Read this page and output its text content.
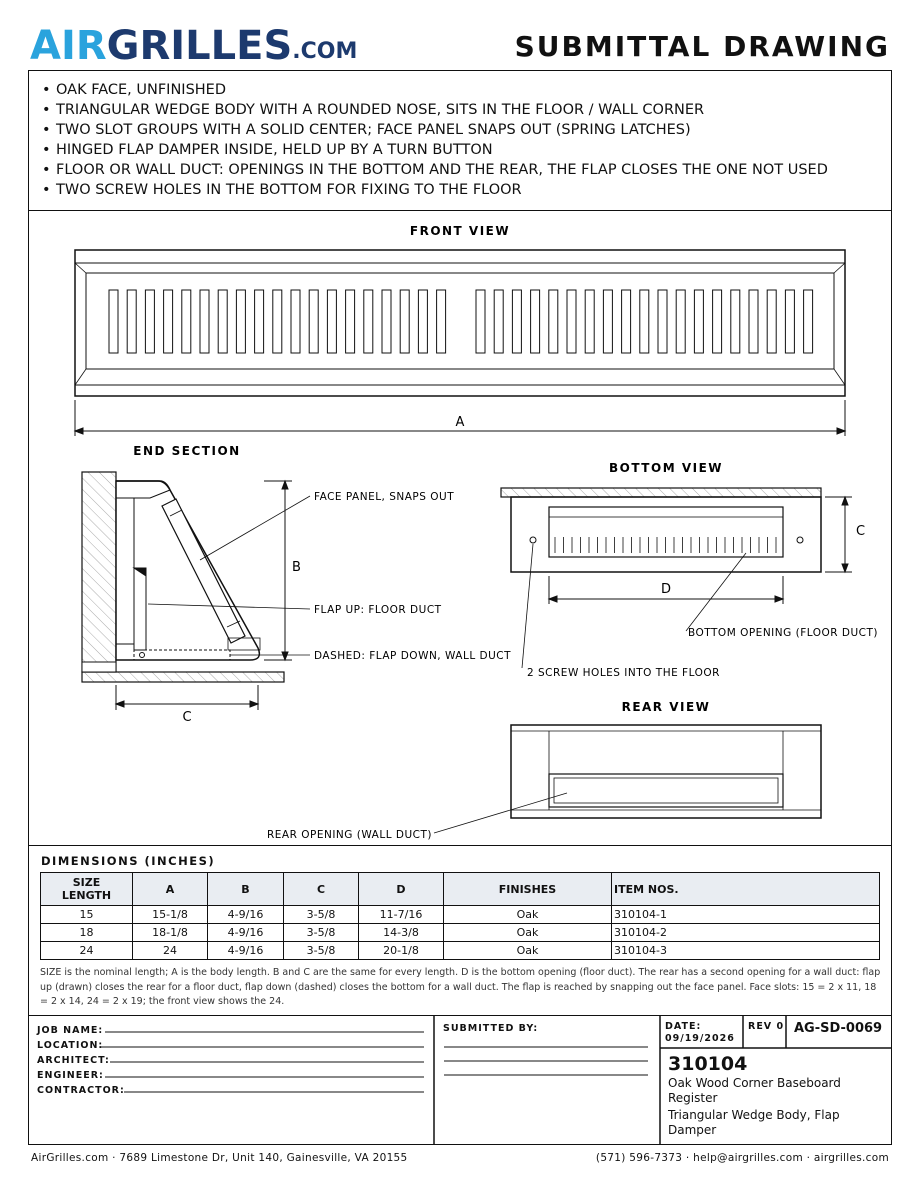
AIR GRILL ES .COM	SUBMITTAL DRAWING
• OAK FACE, UNFINISHED
• TRIANGULAR WEDGE BODY WITH A ROUNDED NOSE, SITS IN THE FLOOR / WALL CORNER
• TWO SLOT GROUPS WITH A SOLID CENTER; FACE PANEL SNAPS OUT (SPRING LATCHES)
• HINGED FLAP DAMPER INSIDE, HELD UP BY A TURN BUTTON
• FLOOR OR WALL DUCT: OPENINGS IN THE BOTTOM AND THE REAR, THE FLAP CLOSES THE ONE NOT USED
• TWO SCREW HOLES IN THE BOTTOM FOR FIXING TO THE FLOOR
FRONT VIEW
A
END SECTION
B
C
FACE PANEL, SNAPS OUT
FLAP UP: FLOOR DUCT
DASHED: FLAP DOWN, WALL DUCT
BOTTOM VIEW
C
D
BOTTOM OPENING (FLOOR DUCT)
2 SCREW HOLES INTO THE FLOOR
REAR VIEW
REAR OPENING (WALL DUCT)
DIMENSIONS (INCHES)
SIZE LENGTH	A	B	C	D	FINISHES	ITEM NOS.
15	15-1/8	4-9/16	3-5/8	11-7/16	Oak	310104-1
18	18-1/8	4-9/16	3-5/8	14-3/8	Oak	310104-2
24	24	4-9/16	3-5/8	20-1/8	Oak	310104-3
SIZE is the nominal length; A is the body length. B and C are the same for every length. D is the bottom opening (floor duct). The rear has a second opening for a wall duct: flap up (drawn) closes the rear for a floor duct, flap down (dashed) closes the bottom for a wall duct. The flap is reached by snapping out the face panel. Face slots: 15 = 2 x 11, 18 = 2 x 14, 24 = 2 x 19; the front view shows the 24.
JOB NAME:
LOCATION:
ARCHITECT:
ENGINEER:
CONTRACTOR:
SUBMITTED BY:	DATE:
09/19/2026
REV 0 AG-SD-0069
310104
Oak Wood Corner Baseboard Register
Triangular Wedge Body, Flap Damper
AirGrilles.com · 7689 Limestone Dr, Unit 140, Gainesville, VA 20155	(571) 596-7373 · help@airgrilles.com · airgrilles.com
